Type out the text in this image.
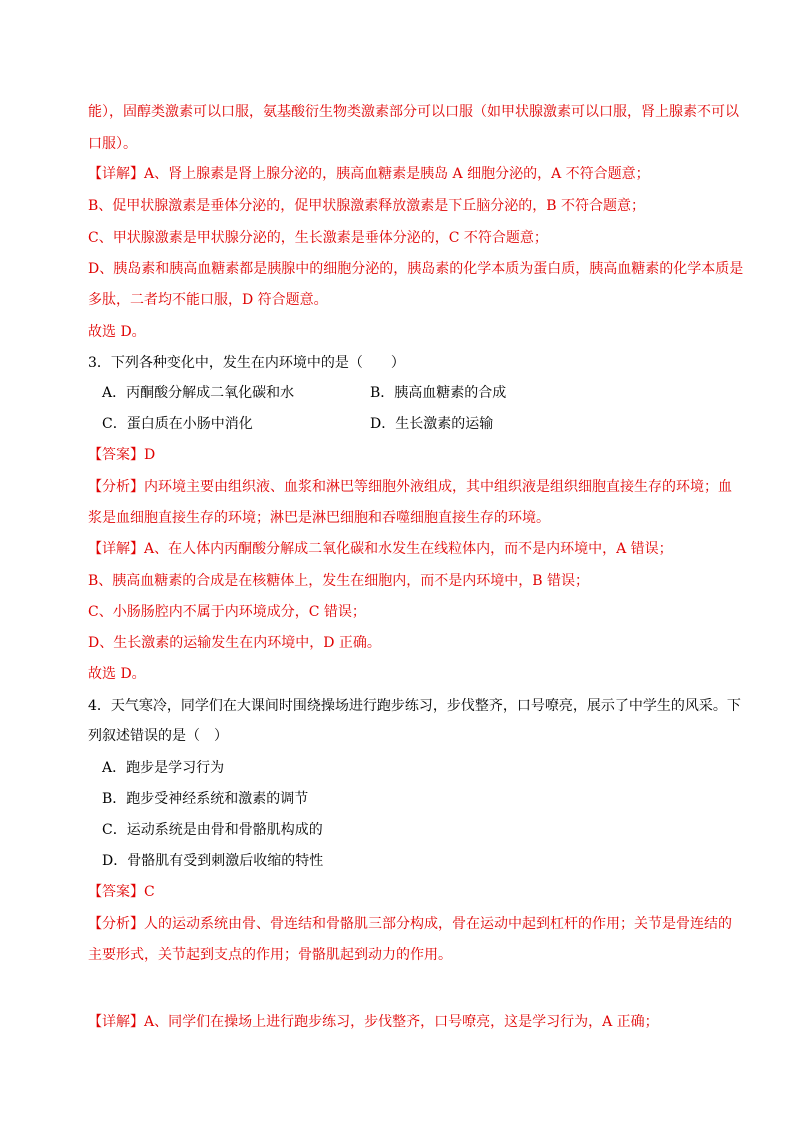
能），固醇类激素可以口服，氨基酸衍生物类激素部分可以口服（如甲状腺激素可以口服，肾上腺素不可以
口服）。
【详解】A、肾上腺素是肾上腺分泌的，胰高血糖素是胰岛 A 细胞分泌的，A 不符合题意；
B、促甲状腺激素是垂体分泌的，促甲状腺激素释放激素是下丘脑分泌的，B 不符合题意；
C、甲状腺激素是甲状腺分泌的，生长激素是垂体分泌的，C 不符合题意；
D、胰岛素和胰高血糖素都是胰腺中的细胞分泌的，胰岛素的化学本质为蛋白质，胰高血糖素的化学本质是
多肽，二者均不能口服，D 符合题意。
故选 D。
3．下列各种变化中，发生在内环境中的是（　　）
A．丙酮酸分解成二氧化碳和水	B．胰高血糖素的合成
C．蛋白质在小肠中消化	D．生长激素的运输
【答案】D
【分析】内环境主要由组织液、血浆和淋巴等细胞外液组成，其中组织液是组织细胞直接生存的环境；血
浆是血细胞直接生存的环境；淋巴是淋巴细胞和吞噬细胞直接生存的环境。
【详解】A、在人体内丙酮酸分解成二氧化碳和水发生在线粒体内，而不是内环境中，A 错误；
B、胰高血糖素的合成是在核糖体上，发生在细胞内，而不是内环境中，B 错误；
C、小肠肠腔内不属于内环境成分，C 错误；
D、生长激素的运输发生在内环境中，D 正确。
故选 D。
4．天气寒冷，同学们在大课间时围绕操场进行跑步练习，步伐整齐，口号嘹亮，展示了中学生的风采。下
列叙述错误的是（　）
A．跑步是学习行为
B．跑步受神经系统和激素的调节
C．运动系统是由骨和骨骼肌构成的
D．骨骼肌有受到刺激后收缩的特性
【答案】C
【分析】人的运动系统由骨、骨连结和骨骼肌三部分构成，骨在运动中起到杠杆的作用；关节是骨连结的
主要形式，关节起到支点的作用；骨骼肌起到动力的作用。
【详解】A、同学们在操场上进行跑步练习，步伐整齐，口号嘹亮，这是学习行为，A 正确；
